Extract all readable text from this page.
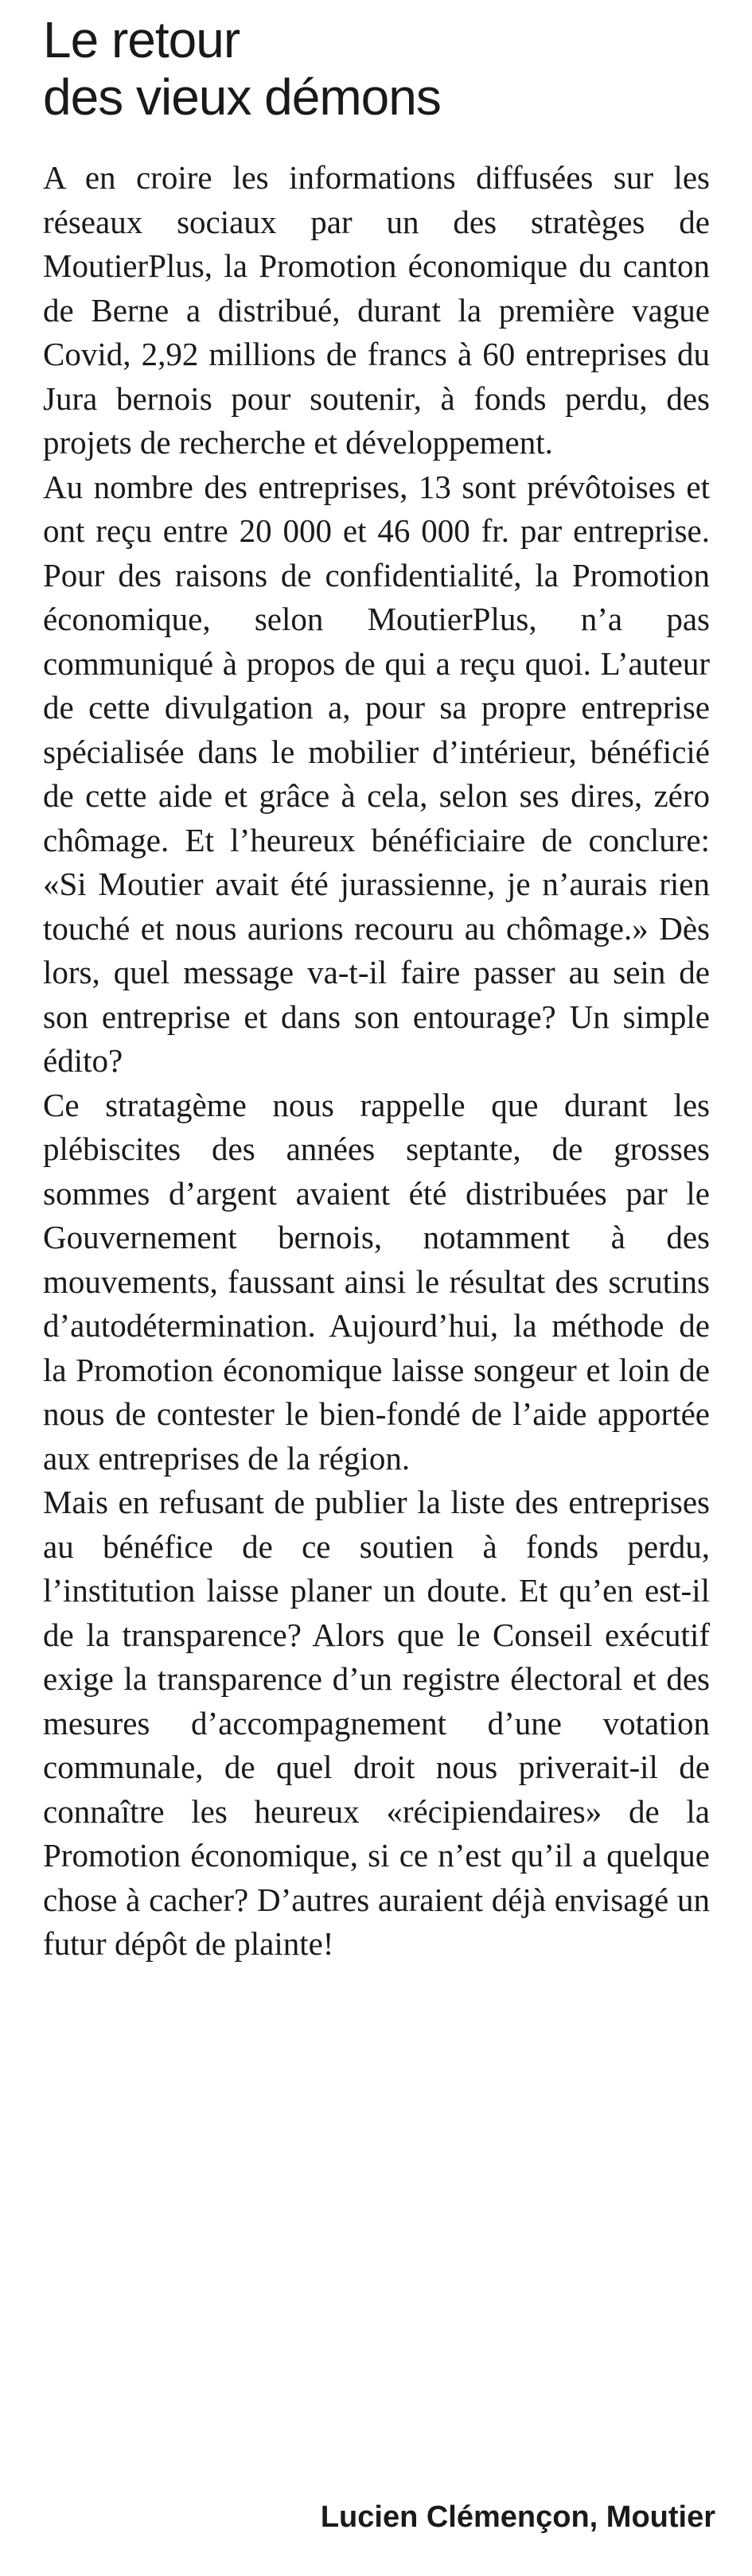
Le retour
des vieux démons

A en croire les informations diffusées sur les réseaux sociaux par un des stratèges de MoutierPlus, la Promotion économique du canton de Berne a distribué, durant la première vague Covid, 2,92 millions de francs à 60 entreprises du Jura bernois pour soutenir, à fonds perdu, des projets de recherche et développement.

Au nombre des entreprises, 13 sont prévôtoises et ont reçu entre 20 000 et 46 000 fr. par entreprise. Pour des raisons de confidentialité, la Promotion économique, selon MoutierPlus, n’a pas communiqué à propos de qui a reçu quoi. L’auteur de cette divulgation a, pour sa propre entreprise spécialisée dans le mobilier d’intérieur, bénéficié de cette aide et grâce à cela, selon ses dires, zéro chômage. Et l’heureux bénéficiaire de conclure: «Si Moutier avait été jurassienne, je n’aurais rien touché et nous aurions recouru au chômage.» Dès lors, quel message va-t-il faire passer au sein de son entreprise et dans son entourage? Un simple édito?

Ce stratagème nous rappelle que durant les plébiscites des années septante, de grosses sommes d’argent avaient été distribuées par le Gouvernement bernois, notamment à des mouvements, faussant ainsi le résultat des scrutins d’autodétermination. Aujourd’hui, la méthode de la Promotion économique laisse songeur et loin de nous de contester le bien-fondé de l’aide apportée aux entreprises de la région.

Mais en refusant de publier la liste des entreprises au bénéfice de ce soutien à fonds perdu, l’institution laisse planer un doute. Et qu’en est-il de la transparence? Alors que le Conseil exécutif exige la transparence d’un registre électoral et des mesures d’accompagnement d’une votation communale, de quel droit nous priverait-il de connaître les heureux «récipiendaires» de la Promotion économique, si ce n’est qu’il a quelque chose à cacher? D’autres auraient déjà envisagé un futur dépôt de plainte!

Lucien Clémençon, Moutier
